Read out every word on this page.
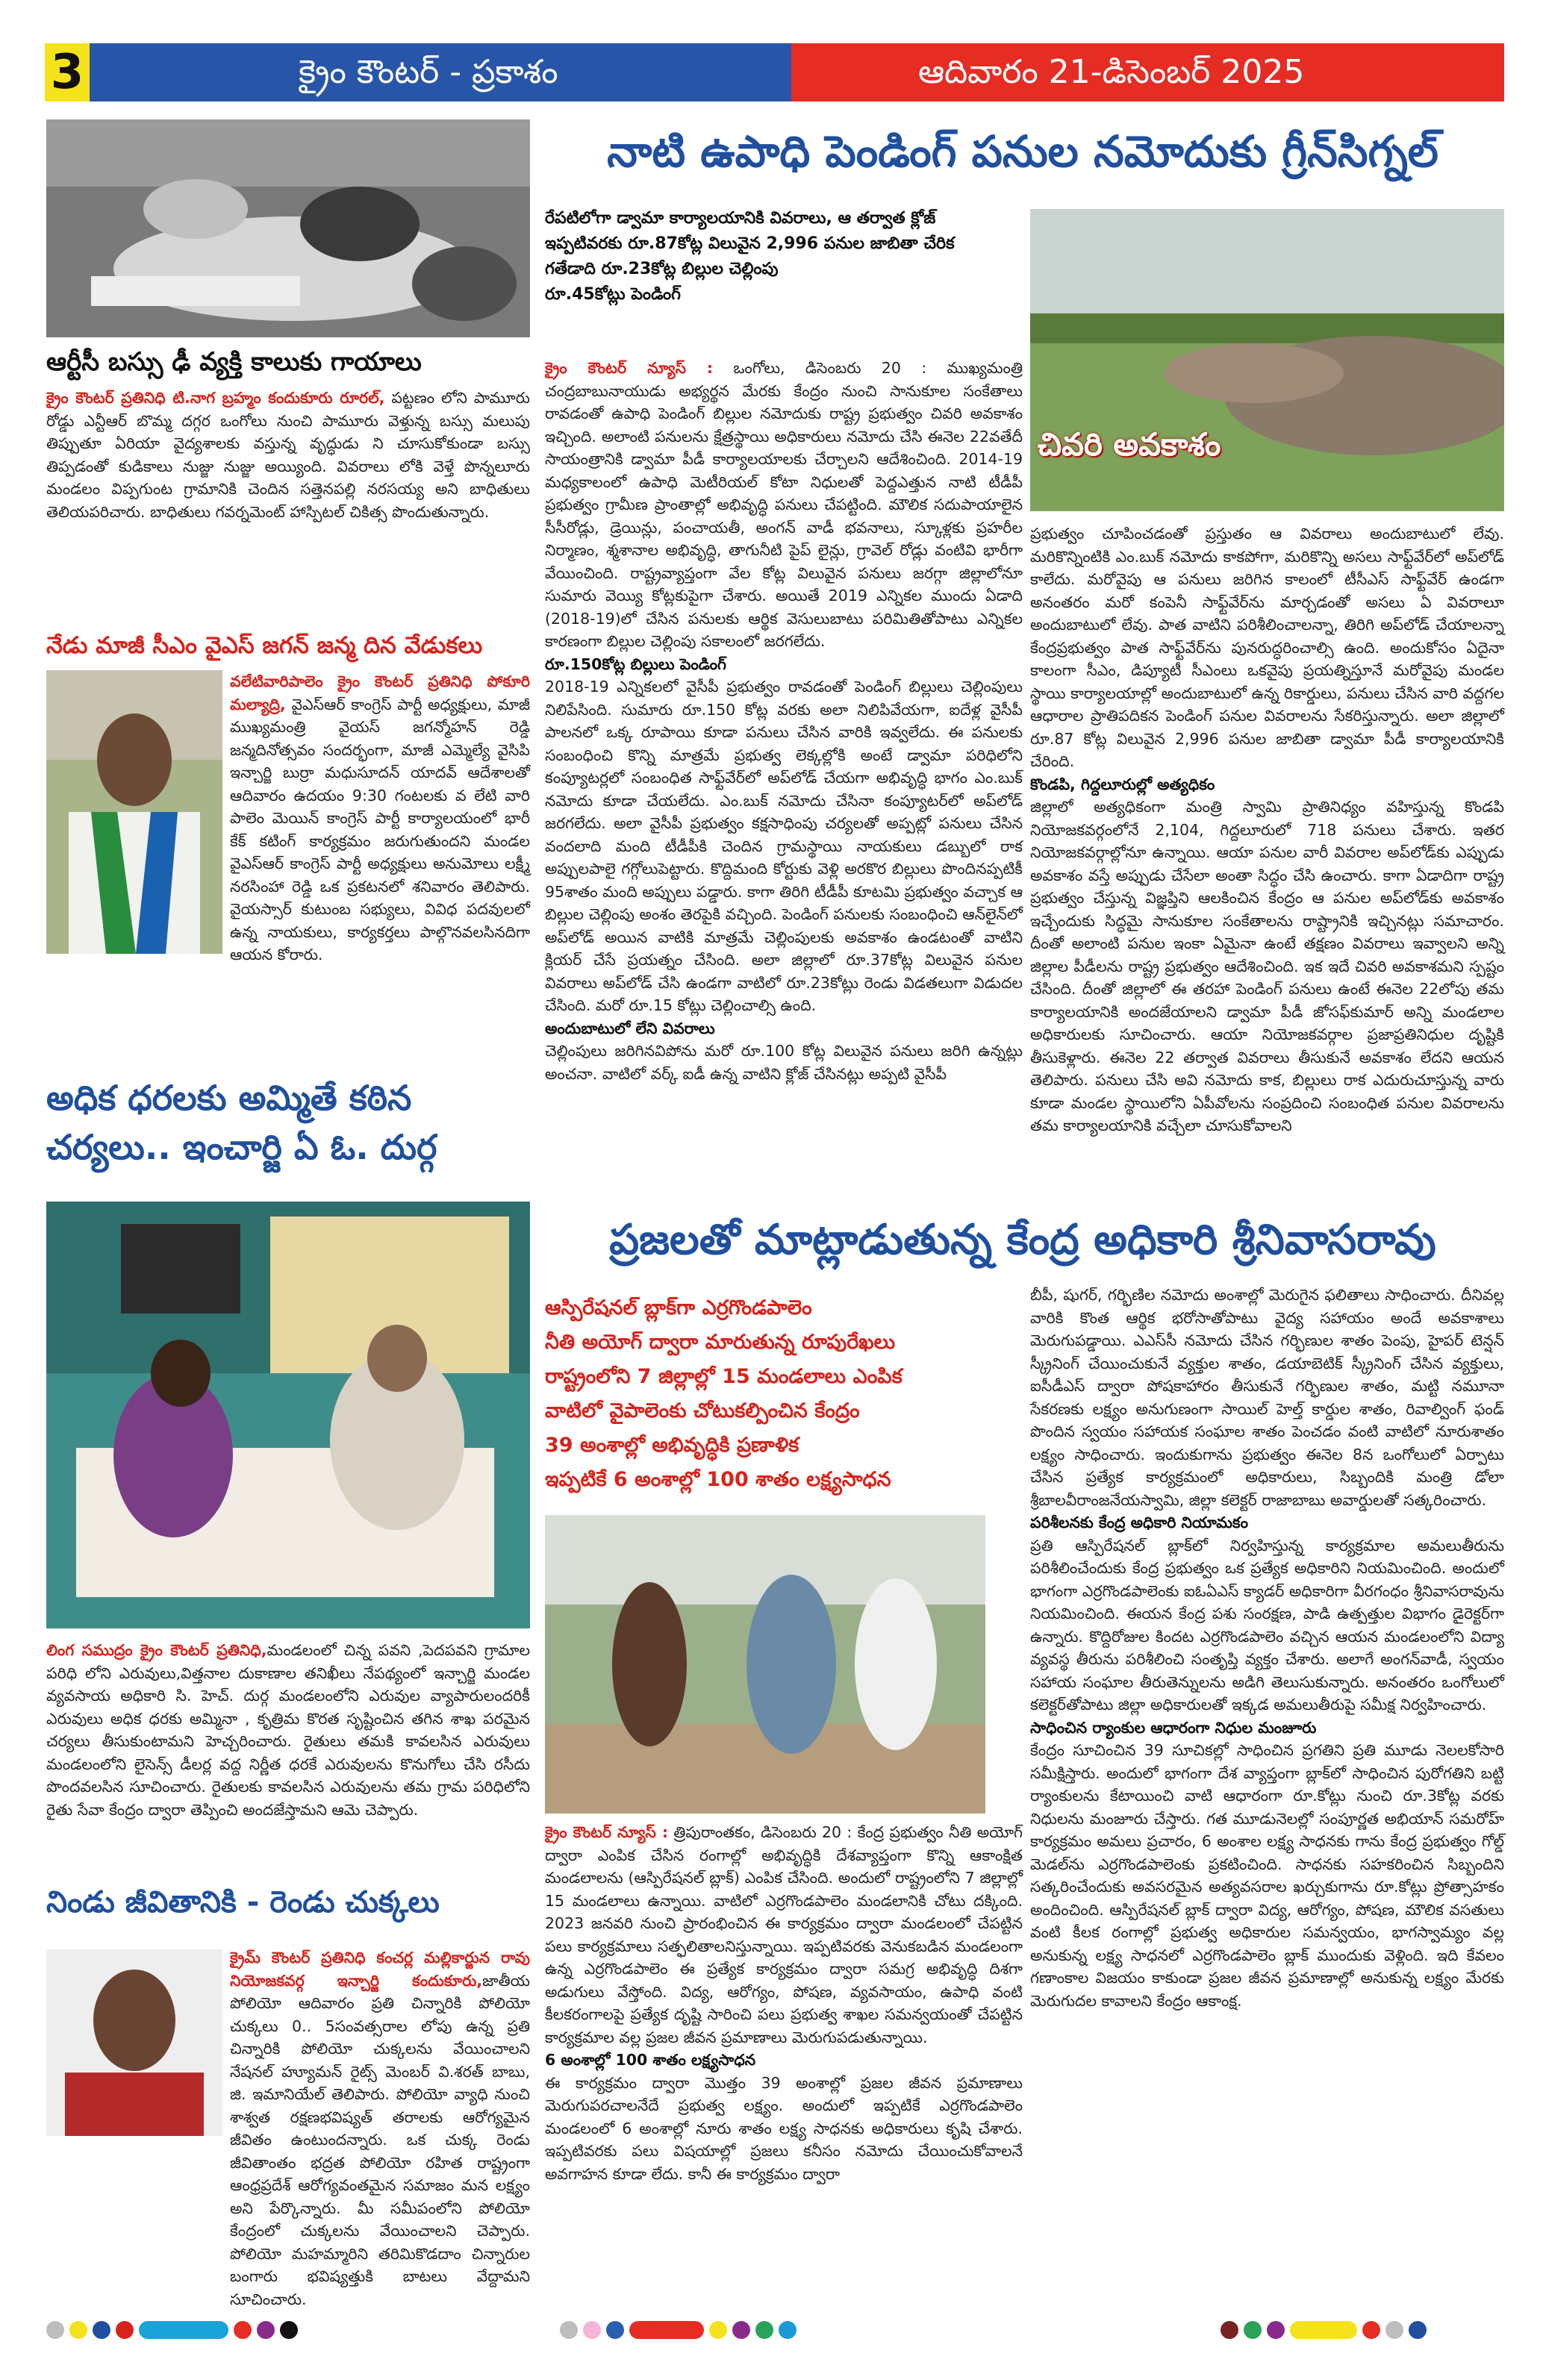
3	క్రైం కౌంటర్ - ప్రకాశం	ఆదివారం 21-డిసెంబర్ 2025
ఆర్టీసీ బస్సు ఢీ వ్యక్తి కాలుకు గాయాలు

క్రైం కౌంటర్ ప్రతినిధి టి.నాగ బ్రహ్మం కందుకూరు రూరల్, పట్టణం లోని పామూరు రోడ్డు ఎన్టీఆర్ బొమ్మ దగ్గర ఒంగోలు నుంచి పామూరు వెళ్తున్న బస్సు మలుపు తిప్పుతూ ఏరియా వైద్యశాలకు వస్తున్న వృద్ధుడు ని చూసుకోకుండా బస్సు తిప్పడంతో కుడికాలు నుజ్జు నుజ్జు అయ్యింది. వివరాలు లోకి వెళ్తే పొన్నలూరు మండలం విప్పగుంట గ్రామానికి చెందిన సత్తెనపల్లి నరసయ్య అని బాధితులు తెలియపరిచారు. బాధితులు గవర్నమెంట్ హాస్పిటల్ చికిత్స పొందుతున్నారు.

నేడు మాజీ సీఎం వైఎస్ జగన్ జన్మ దిన వేడుకలు

వలేటివారిపాలెం క్రైం కౌంటర్ ప్రతినిధి పోకూరి మల్యాద్రి, వైఎస్ఆర్ కాంగ్రెస్ పార్టీ అధ్యక్షులు, మాజీ ముఖ్యమంత్రి వైయస్ జగన్మోహన్ రెడ్డి జన్మదినోత్సవం సందర్భంగా, మాజీ ఎమ్మెల్యే వైసిపి ఇన్చార్జి బుర్రా మధుసూదన్ యాదవ్ ఆదేశాలతో ఆదివారం ఉదయం 9:30 గంటలకు వ లేటి వారి పాలెం మెయిన్ కాంగ్రెస్ పార్టీ కార్యాలయంలో భారీ కేక్ కటింగ్ కార్యక్రమం జరుగుతుందని మండల వైఎస్ఆర్ కాంగ్రెస్ పార్టీ అధ్యక్షులు అనుమోలు లక్ష్మీ నరసింహా రెడ్డి ఒక ప్రకటనలో శనివారం తెలిపారు. వైయస్సార్ కుటుంబ సభ్యులు, వివిధ పదవులలో ఉన్న నాయకులు, కార్యకర్తలు పాల్గొనవలసినదిగా ఆయన కోరారు.

అధిక ధరలకు అమ్మితే కఠిన చర్యలు.. ఇంచార్జి ఏ ఓ. దుర్గ

లింగ సముద్రం క్రైం కౌంటర్ ప్రతినిధి,మండలంలో చిన్న పవని ,పెదపవని గ్రామాల పరిధి లోని ఎరువులు,విత్తనాల దుకాణాల తనిఖీలు నేపథ్యంలో ఇన్చార్జి మండల వ్యవసాయ అధికారి సి. హెచ్. దుర్గ మండలంలోని ఎరువుల వ్యాపారులందరికీ ఎరువులు అధిక ధరకు అమ్మినా , కృత్రిమ కొరత సృష్టించిన తగిన శాఖ పరమైన చర్యలు తీసుకుంటామని హెచ్చరించారు. రైతులు తమకి కావలసిన ఎరువులు మండలంలోని లైసెన్స్ డీలర్ల వద్ద నిర్ణీత ధరకే ఎరువులను కొనుగోలు చేసి రసీదు పొందవలసిన సూచించారు. రైతులకు కావలసిన ఎరువులను తమ గ్రామ పరిధిలోని రైతు సేవా కేంద్రం ద్వారా తెప్పించి అందజేస్తామని ఆమె చెప్పారు.

నిండు జీవితానికి - రెండు చుక్కలు

క్రైమ్ కౌంటర్ ప్రతినిధి కంచర్ల మల్లికార్జున రావు నియోజకవర్గ ఇన్చార్జి కందుకూరు,జాతీయ పోలియో ఆదివారం ప్రతి చిన్నారికి పోలియో చుక్కలు 0.. 5సంవత్సరాల లోపు ఉన్న ప్రతి చిన్నారికి పోలియో చుక్కలను వేయించాలని నేషనల్ హ్యూమన్ రైట్స్ మెంబర్ వి.శరత్ బాబు, జి. ఇమానియేల్ తెలిపారు. పోలియో వ్యాధి నుంచి శాశ్వత రక్షణభవిష్యత్ తరాలకు ఆరోగ్యమైన జీవితం ఉంటుందన్నారు. ఒక చుక్క రెండు జీవితాంతం భద్రత పోలియో రహిత రాష్ట్రంగా ఆంధ్రప్రదేశ్ ఆరోగ్యవంతమైన సమాజం మన లక్ష్యం అని పేర్కొన్నారు. మీ సమీపంలోని పోలియో కేంద్రంలో చుక్కలను వేయించాలని చెప్పారు. పోలియో మహమ్మారిని తరిమికొడదాం చిన్నారుల బంగారు భవిష్యత్తుకి బాటలు వేద్దామని సూచించారు.

నాటి ఉపాధి పెండింగ్ పనుల నమోదుకు గ్రీన్‌సిగ్నల్
రేపటిలోగా డ్వామా కార్యాలయానికి వివరాలు, ఆ తర్వాత క్లోజ్
ఇప్పటివరకు రూ.87కోట్ల విలువైన 2,996 పనుల జాబితా చేరిక
గతేడాది రూ.23కోట్ల బిల్లుల చెల్లింపు
రూ.45కోట్లు పెండింగ్

క్రైం కౌంటర్ న్యూస్ : ఒంగోలు, డిసెంబరు 20 : ముఖ్యమంత్రి చంద్రబాబునాయుడు అభ్యర్థన మేరకు కేంద్రం నుంచి సానుకూల సంకేతాలు రావడంతో ఉపాధి పెండింగ్ బిల్లుల నమోదుకు రాష్ట్ర ప్రభుత్వం చివరి అవకాశం ఇచ్చింది. అలాంటి పనులను క్షేత్రస్థాయి అధికారులు నమోదు చేసి ఈనెల 22వతేదీ సాయంత్రానికి డ్వామా పీడీ కార్యాలయాలకు చేర్చాలని ఆదేశించింది. 2014-19 మధ్యకాలంలో ఉపాధి మెటీరియల్ కోటా నిధులతో పెద్దఎత్తున నాటి టీడీపీ ప్రభుత్వం గ్రామీణ ప్రాంతాల్లో అభివృద్ధి పనులు చేపట్టింది. మౌలిక సదుపాయాలైన సీసీరోడ్లు, డ్రెయిన్లు, పంచాయతీ, అంగన్ వాడీ భవనాలు, స్కూళ్లకు ప్రహరీల నిర్మాణం, శ్మశానాల అభివృద్ధి, తాగునీటి పైప్ లైన్లు, గ్రావెల్ రోడ్లు వంటివి భారీగా వేయించింది. రాష్ట్రవ్యాప్తంగా వేల కోట్ల విలువైన పనులు జరగ్గా జిల్లాలోనూ సుమారు వెయ్యి కోట్లకుపైగా చేశారు. అయితే 2019 ఎన్నికల ముందు ఏడాది (2018-19)లో చేసిన పనులకు ఆర్థిక వెసులుబాటు పరిమితితోపాటు ఎన్నికల కారణంగా బిల్లుల చెల్లింపు సకాలంలో జరగలేదు.

రూ.150కోట్ల బిల్లులు పెండింగ్

2018-19 ఎన్నికలలో వైసీపీ ప్రభుత్వం రావడంతో పెండింగ్ బిల్లులు చెల్లింపులు నిలిపేసింది. సుమారు రూ.150 కోట్ల వరకు అలా నిలిపివేయగా, ఐదేళ్ల వైసీపీ పాలనలో ఒక్క రూపాయి కూడా పనులు చేసిన వారికి ఇవ్వలేదు. ఈ పనులకు సంబంధించి కొన్ని మాత్రమే ప్రభుత్వ లెక్కల్లోకి అంటే డ్వామా పరిధిలోని కంప్యూటర్లలో సంబంధిత సాఫ్ట్‌వేర్‌లో అప్‌లోడ్ చేయగా అభివృద్ధి భాగం ఎం.బుక్ నమోదు కూడా చేయలేదు. ఎం.బుక్ నమోదు చేసినా కంప్యూటర్‌లో అప్‌లోడ్ జరగలేదు. అలా వైసీపీ ప్రభుత్వం కక్షసాధింపు చర్యలతో అప్పట్లో పనులు చేసిన వందలాది మంది టీడీపీకి చెందిన గ్రామస్థాయి నాయకులు డబ్బులో రాక అప్పులపాలై గగ్గోలుపెట్టారు. కొద్దిమంది కోర్టుకు వెళ్లి అరకొర బిల్లులు పొందినప్పటికీ 95శాతం మంది అప్పులు పడ్డారు. కాగా తిరిగి టీడీపీ కూటమి ప్రభుత్వం వచ్చాక ఆ బిల్లుల చెల్లింపు అంశం తెరపైకి వచ్చింది. పెండింగ్ పనులకు సంబంధించి ఆన్‌లైన్‌లో అప్‌లోడ్ అయిన వాటికి మాత్రమే చెల్లింపులకు అవకాశం ఉండటంతో వాటిని క్లియర్ చేసే ప్రయత్నం చేసింది. అలా జిల్లాలో రూ.37కోట్ల విలువైన పనుల వివరాలు అప్‌లోడ్ చేసి ఉండగా వాటిలో రూ.23కోట్లు రెండు విడతలుగా విడుదల చేసింది. మరో రూ.15 కోట్లు చెల్లించాల్సి ఉంది.

అందుబాటులో లేని వివరాలు

చెల్లింపులు జరిగినవిపోను మరో రూ.100 కోట్ల విలువైన పనులు జరిగి ఉన్నట్లు అంచనా. వాటిలో వర్క్ ఐడీ ఉన్న వాటిని క్లోజ్ చేసినట్లు అప్పటి వైసీపీ

చివరి అవకాశం

ప్రభుత్వం చూపించడంతో ప్రస్తుతం ఆ వివరాలు అందుబాటులో లేవు. మరికొన్నింటికి ఎం.బుక్ నమోదు కాకపోగా, మరికొన్ని అసలు సాఫ్ట్‌వేర్‌లో అప్‌లోడ్ కాలేదు. మరోవైపు ఆ పనులు జరిగిన కాలంలో టీసీఎస్ సాఫ్ట్‌వేర్ ఉండగా అనంతరం మరో కంపెనీ సాఫ్ట్‌వేర్‌ను మార్చడంతో అసలు ఏ వివరాలూ అందుబాటులో లేవు. పాత వాటిని పరిశీలించాలన్నా, తిరిగి అప్‌లోడ్ చేయాలన్నా కేంద్రప్రభుత్వం పాత సాఫ్ట్‌వేర్‌ను పునరుద్ధరించాల్సి ఉంది. అందుకోసం ఏదైనా కాలంగా సీఎం, డిప్యూటీ సీఎంలు ఒకవైపు ప్రయత్నిస్తూనే మరోవైపు మండల స్థాయి కార్యాలయాల్లో అందుబాటులో ఉన్న రికార్డులు, పనులు చేసిన వారి వద్దగల ఆధారాల ప్రాతిపదికన పెండింగ్ పనుల వివరాలను సేకరిస్తున్నారు. అలా జిల్లాలో రూ.87 కోట్ల విలువైన 2,996 పనుల జాబితా డ్వామా పీడీ కార్యాలయానికి చేరింది.

కొండపి, గిద్దలూరుల్లో అత్యధికం

జిల్లాలో అత్యధికంగా మంత్రి స్వామి ప్రాతినిధ్యం వహిస్తున్న కొండపి నియోజకవర్గంలోనే 2,104, గిద్దలూరులో 718 పనులు చేశారు. ఇతర నియోజకవర్గాల్లోనూ ఉన్నాయి. ఆయా పనుల వారీ వివరాల అప్‌లోడ్‌కు ఎప్పుడు అవకాశం వస్తే అప్పుడు చేసేలా అంతా సిద్ధం చేసి ఉంచారు. కాగా ఏడాదిగా రాష్ట్ర ప్రభుత్వం చేస్తున్న విజ్ఞప్తిని ఆలకించిన కేంద్రం ఆ పనుల అప్‌లోడ్‌కు అవకాశం ఇచ్చేందుకు సిద్ధమై సానుకూల సంకేతాలను రాష్ట్రానికి ఇచ్చినట్లు సమాచారం. దీంతో అలాంటి పనుల ఇంకా ఏమైనా ఉంటే తక్షణం వివరాలు ఇవ్వాలని అన్ని జిల్లాల పీడీలను రాష్ట్ర ప్రభుత్వం ఆదేశించింది. ఇక ఇదే చివరి అవకాశమని స్పష్టం చేసింది. దీంతో జిల్లాలో ఈ తరహా పెండింగ్ పనులు ఉంటే ఈనెల 22లోపు తమ కార్యాలయానికి అందజేయాలని డ్వామా పీడీ జోసఫ్‌కుమార్ అన్ని మండలాల అధికారులకు సూచించారు. ఆయా నియోజకవర్గాల ప్రజాప్రతినిధుల దృష్టికి తీసుకెళ్లారు. ఈనెల 22 తర్వాత వివరాలు తీసుకునే అవకాశం లేదని ఆయన తెలిపారు. పనులు చేసి అవి నమోదు కాక, బిల్లులు రాక ఎదురుచూస్తున్న వారు కూడా మండల స్థాయిలోని ఏపీవోలను సంప్రదించి సంబంధిత పనుల వివరాలను తమ కార్యాలయానికి వచ్చేలా చూసుకోవాలని

ప్రజలతో మాట్లాడుతున్న కేంద్ర అధికారి శ్రీనివాసరావు
ఆస్పిరేషనల్ బ్లాక్‌గా ఎర్రగొండపాలెం
నీతి అయోగ్ ద్వారా మారుతున్న రూపురేఖలు
రాష్ట్రంలోని 7 జిల్లాల్లో 15 మండలాలు ఎంపిక
వాటిలో వైపాలెంకు చోటుకల్పించిన కేంద్రం
39 అంశాల్లో అభివృద్ధికి ప్రణాళిక
ఇప్పటికే 6 అంశాల్లో 100 శాతం లక్ష్యసాధన

క్రైం కౌంటర్ న్యూస్ : త్రిపురాంతకం, డిసెంబరు 20 : కేంద్ర ప్రభుత్వం నీతి అయోగ్ ద్వారా ఎంపిక చేసిన రంగాల్లో అభివృద్ధికి దేశవ్యాప్తంగా కొన్ని ఆకాంక్షిత మండలాలను (ఆస్పిరేషనల్ బ్లాక్) ఎంపిక చేసింది. అందులో రాష్ట్రంలోని 7 జిల్లాల్లో 15 మండలాలు ఉన్నాయి. వాటిలో ఎర్రగొండపాలెం మండలానికి చోటు దక్కింది. 2023 జనవరి నుంచి ప్రారంభించిన ఈ కార్యక్రమం ద్వారా మండలంలో చేపట్టిన పలు కార్యక్రమాలు సత్ఫలితాలనిస్తున్నాయి. ఇప్పటివరకు వెనుకబడిన మండలంగా ఉన్న ఎర్రగొండపాలెం ఈ ప్రత్యేక కార్యక్రమం ద్వారా సమగ్ర అభివృద్ధి దిశగా అడుగులు వేస్తోంది. విద్య, ఆరోగ్యం, పోషణ, వ్యవసాయం, ఉపాధి వంటి కీలకరంగాలపై ప్రత్యేక దృష్టి సారించి పలు ప్రభుత్వ శాఖల సమన్వయంతో చేపట్టిన కార్యక్రమాల వల్ల ప్రజల జీవన ప్రమాణాలు మెరుగుపడుతున్నాయి.

6 అంశాల్లో 100 శాతం లక్ష్యసాధన

ఈ కార్యక్రమం ద్వారా మొత్తం 39 అంశాల్లో ప్రజల జీవన ప్రమాణాలు మెరుగుపరచాలనేదే ప్రభుత్వ లక్ష్యం. అందులో ఇప్పటికే ఎర్రగొండపాలెం మండలంలో 6 అంశాల్లో నూరు శాతం లక్ష్య సాధనకు అధికారులు కృషి చేశారు. ఇప్పటివరకు పలు విషయాల్లో ప్రజలు కనీసం నమోదు చేయించుకోవాలనే అవగాహన కూడా లేదు. కానీ ఈ కార్యక్రమం ద్వారా

బీపీ, షుగర్, గర్భిణిల నమోదు అంశాల్లో మెరుగైన ఫలితాలు సాధించారు. దీనివల్ల వారికి కొంత ఆర్థిక భరోసాతోపాటు వైద్య సహాయం అందే అవకాశాలు మెరుగుపడ్డాయి. ఎఎస్‌సీ నమోదు చేసిన గర్భిణుల శాతం పెంపు, హైపర్ టెన్షన్ స్క్రీనింగ్ చేయించుకునే వ్యక్తుల శాతం, డయాబెటిక్ స్క్రీనింగ్ చేసిన వ్యక్తులు, ఐసీడీఎస్ ద్వారా పోషకాహారం తీసుకునే గర్భిణుల శాతం, మట్టి నమూనా సేకరణకు లక్ష్యం అనుగుణంగా సాయిల్ హెల్త్ కార్డుల శాతం, రివాల్వింగ్ ఫండ్ పొందిన స్వయం సహాయక సంఘాల శాతం పెంచడం వంటి వాటిలో నూరుశాతం లక్ష్యం సాధించారు. ఇందుకుగాను ప్రభుత్వం ఈనెల 8న ఒంగోలులో ఏర్పాటు చేసిన ప్రత్యేక కార్యక్రమంలో అధికారులు, సిబ్బందికి మంత్రి డోలా శ్రీబాలవీరాంజనేయస్వామి, జిల్లా కలెక్టర్ రాజాబాబు అవార్డులతో సత్కరించారు.

పరిశీలనకు కేంద్ర అధికారి నియామకం

ప్రతి ఆస్పిరేషనల్ బ్లాక్‌లో నిర్వహిస్తున్న కార్యక్రమాల అమలుతీరును పరిశీలించేందుకు కేంద్ర ప్రభుత్వం ఒక ప్రత్యేక అధికారిని నియమించింది. అందులో భాగంగా ఎర్రగొండపాలెంకు ఐఓఏఎస్ క్యాడర్ అధికారిగా వీరగంధం శ్రీనివాసరావును నియమించింది. ఈయన కేంద్ర పశు సంరక్షణ, పాడి ఉత్పత్తుల విభాగం డైరెక్టర్‌గా ఉన్నారు. కొద్దిరోజుల కిందట ఎర్రగొండపాలెం వచ్చిన ఆయన మండలంలోని విద్యా వ్యవస్థ తీరును పరిశీలించి సంతృప్తి వ్యక్తం చేశారు. అలాగే అంగన్‌వాడీ, స్వయం సహాయ సంఘాల తీరుతెన్నులను అడిగి తెలుసుకున్నారు. అనంతరం ఒంగోలులో కలెక్టర్‌తోపాటు జిల్లా అధికారులతో ఇక్కడ అమలుతీరుపై సమీక్ష నిర్వహించారు.

సాధించిన ర్యాంకుల ఆధారంగా నిధుల మంజూరు

కేంద్రం సూచించిన 39 సూచికల్లో సాధించిన ప్రగతిని ప్రతి మూడు నెలలకోసారి సమీక్షిస్తారు. అందులో భాగంగా దేశ వ్యాప్తంగా బ్లాక్‌లో సాధించిన పురోగతిని బట్టి ర్యాంకులను కేటాయించి వాటి ఆధారంగా రూ.కోట్లు నుంచి రూ.3కోట్ల వరకు నిధులను మంజూరు చేస్తారు. గత మూడునెలల్లో సంపూర్ణత అభియాన్ సమరోహ్ కార్యక్రమం అమలు ప్రచారం, 6 అంశాల లక్ష్య సాధనకు గాను కేంద్ర ప్రభుత్వం గోల్డ్ మెడల్‌ను ఎర్రగొండపాలెంకు ప్రకటించింది. సాధనకు సహకరించిన సిబ్బందిని సత్కరించేందుకు అవసరమైన అత్యవసరాల ఖర్చుకుగాను రూ.కోట్లు ప్రోత్సాహకం అందించింది. ఆస్పిరేషనల్ బ్లాక్ ద్వారా విద్య, ఆరోగ్యం, పోషణ, మౌలిక వసతులు వంటి కీలక రంగాల్లో ప్రభుత్వ అధికారుల సమన్వయం, భాగస్వామ్యం వల్ల అనుకున్న లక్ష్య సాధనలో ఎర్రగొండపాలెం బ్లాక్ ముందుకు వెళ్లింది. ఇది కేవలం గణాంకాల విజయం కాకుండా ప్రజల జీవన ప్రమాణాల్లో అనుకున్న లక్ష్యం మేరకు మెరుగుదల కావాలని కేంద్రం ఆకాంక్ష.
